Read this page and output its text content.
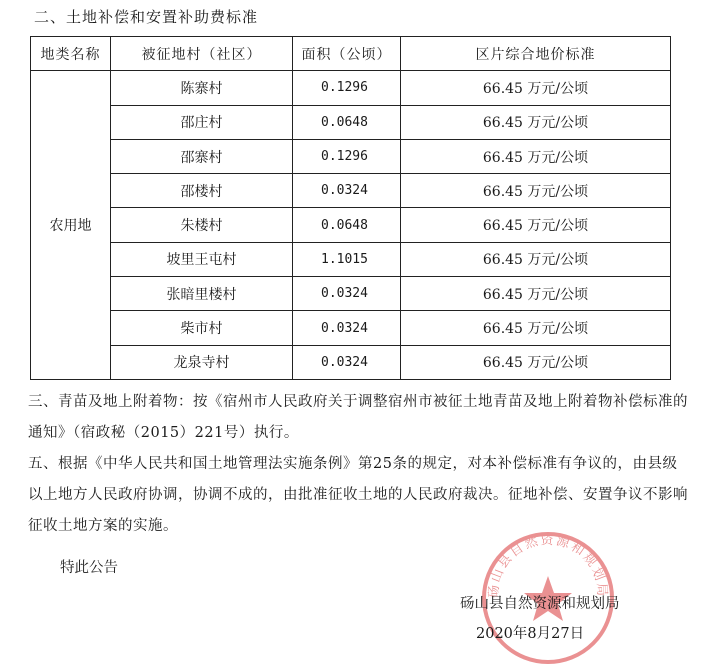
二、土地补偿和安置补助费标准
地类名称	被征地村（社区）	面积（公顷）	区片综合地价标准
农用地	陈寨村	0.1296	66.45 万元/公顷
	邵庄村	0.0648	66.45 万元/公顷
	邵寨村	0.1296	66.45 万元/公顷
	邵楼村	0.0324	66.45 万元/公顷
	朱楼村	0.0648	66.45 万元/公顷
	坡里王屯村	1.1015	66.45 万元/公顷
	张暗里楼村	0.0324	66.45 万元/公顷
	柴市村	0.0324	66.45 万元/公顷
	龙泉寺村	0.0324	66.45 万元/公顷
三、青苗及地上附着物：按《宿州市人民政府关于调整宿州市被征土地青苗及地上附着物补偿标准的通知》（宿政秘（2015）221号）执行。
五、根据《中华人民共和国土地管理法实施条例》第25条的规定，对本补偿标准有争议的，由县级以上地方人民政府协调，协调不成的，由批准征收土地的人民政府裁决。征地补偿、安置争议不影响征收土地方案的实施。
特此公告
砀山县自然资源和规划局
砀山县自然资源和规划局
2020年8月27日
